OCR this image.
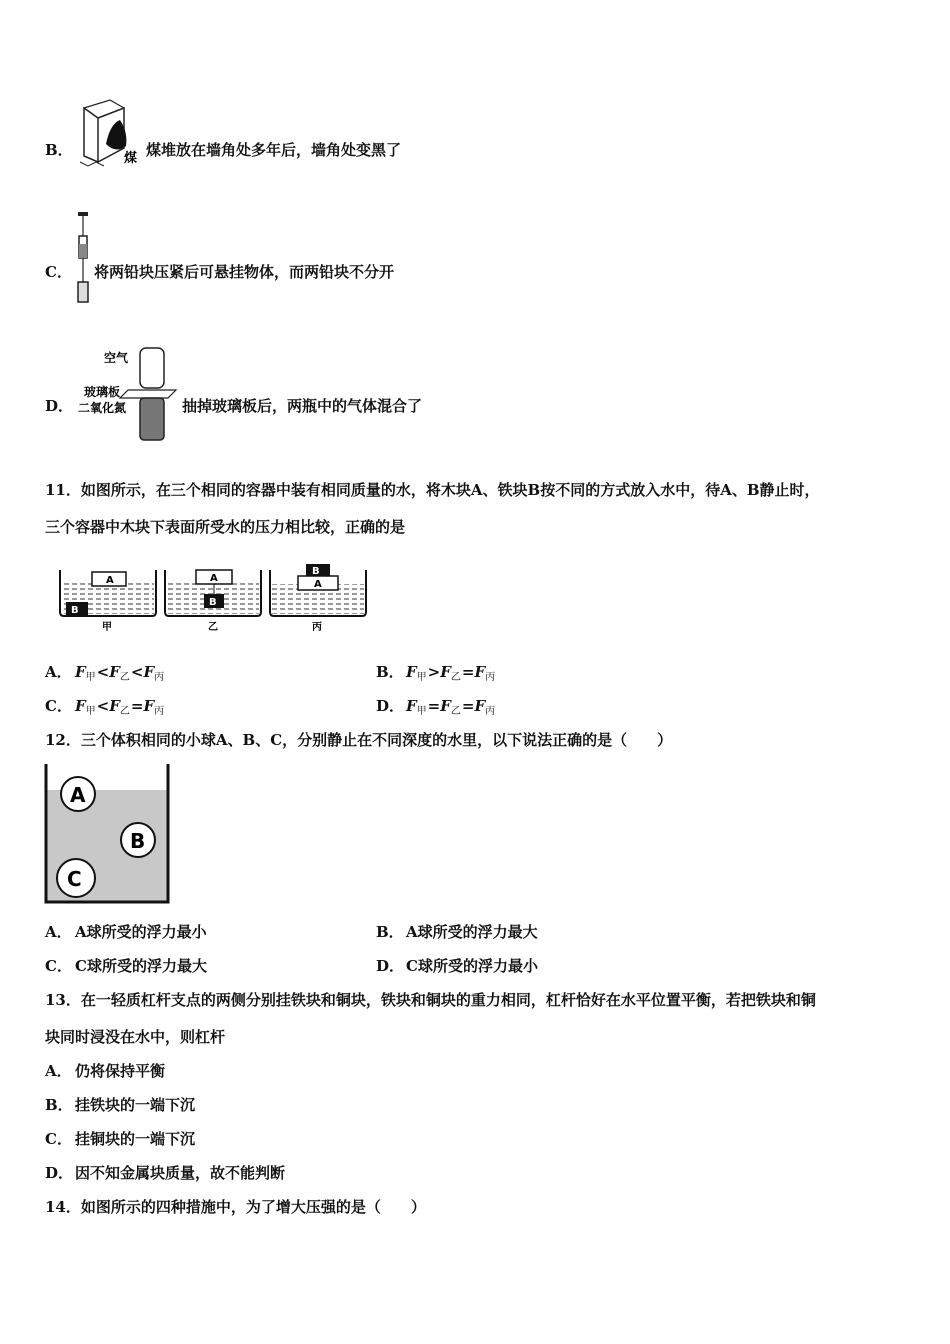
B．	煤 煤堆放在墙角处多年后，墙角处变黑了
C． 将两铅块压紧后可悬挂物体，而两铅块不分开
D．
空气
玻璃板
二氧化氮	抽掉玻璃板后，两瓶中的气体混合了
11．如图所示，在三个相同的容器中装有相同质量的水，将木块A、铁块B按不同的方式放入水中，待A、B静止时，
三个容器中木块下表面所受水的压力相比较，正确的是
A
B
甲
A
B
乙
A
B
丙
A． $F_甲<F_乙<F_丙$	B． $F_甲>F_乙=F_丙$
C． $F_甲<F_乙=F_丙$	D． $F_甲=F_乙=F_丙$
12．三个体积相同的小球A、B、C，分别静止在不同深度的水里，以下说法正确的是（　　）
A
B
C
A． A球所受的浮力最小	B． A球所受的浮力最大
C． C球所受的浮力最大	D． C球所受的浮力最小
13．在一轻质杠杆支点的两侧分别挂铁块和铜块，铁块和铜块的重力相同，杠杆恰好在水平位置平衡，若把铁块和铜
块同时浸没在水中，则杠杆
A． 仍将保持平衡
B． 挂铁块的一端下沉
C． 挂铜块的一端下沉
D． 因不知金属块质量，故不能判断
14．如图所示的四种措施中，为了增大压强的是（　　）
